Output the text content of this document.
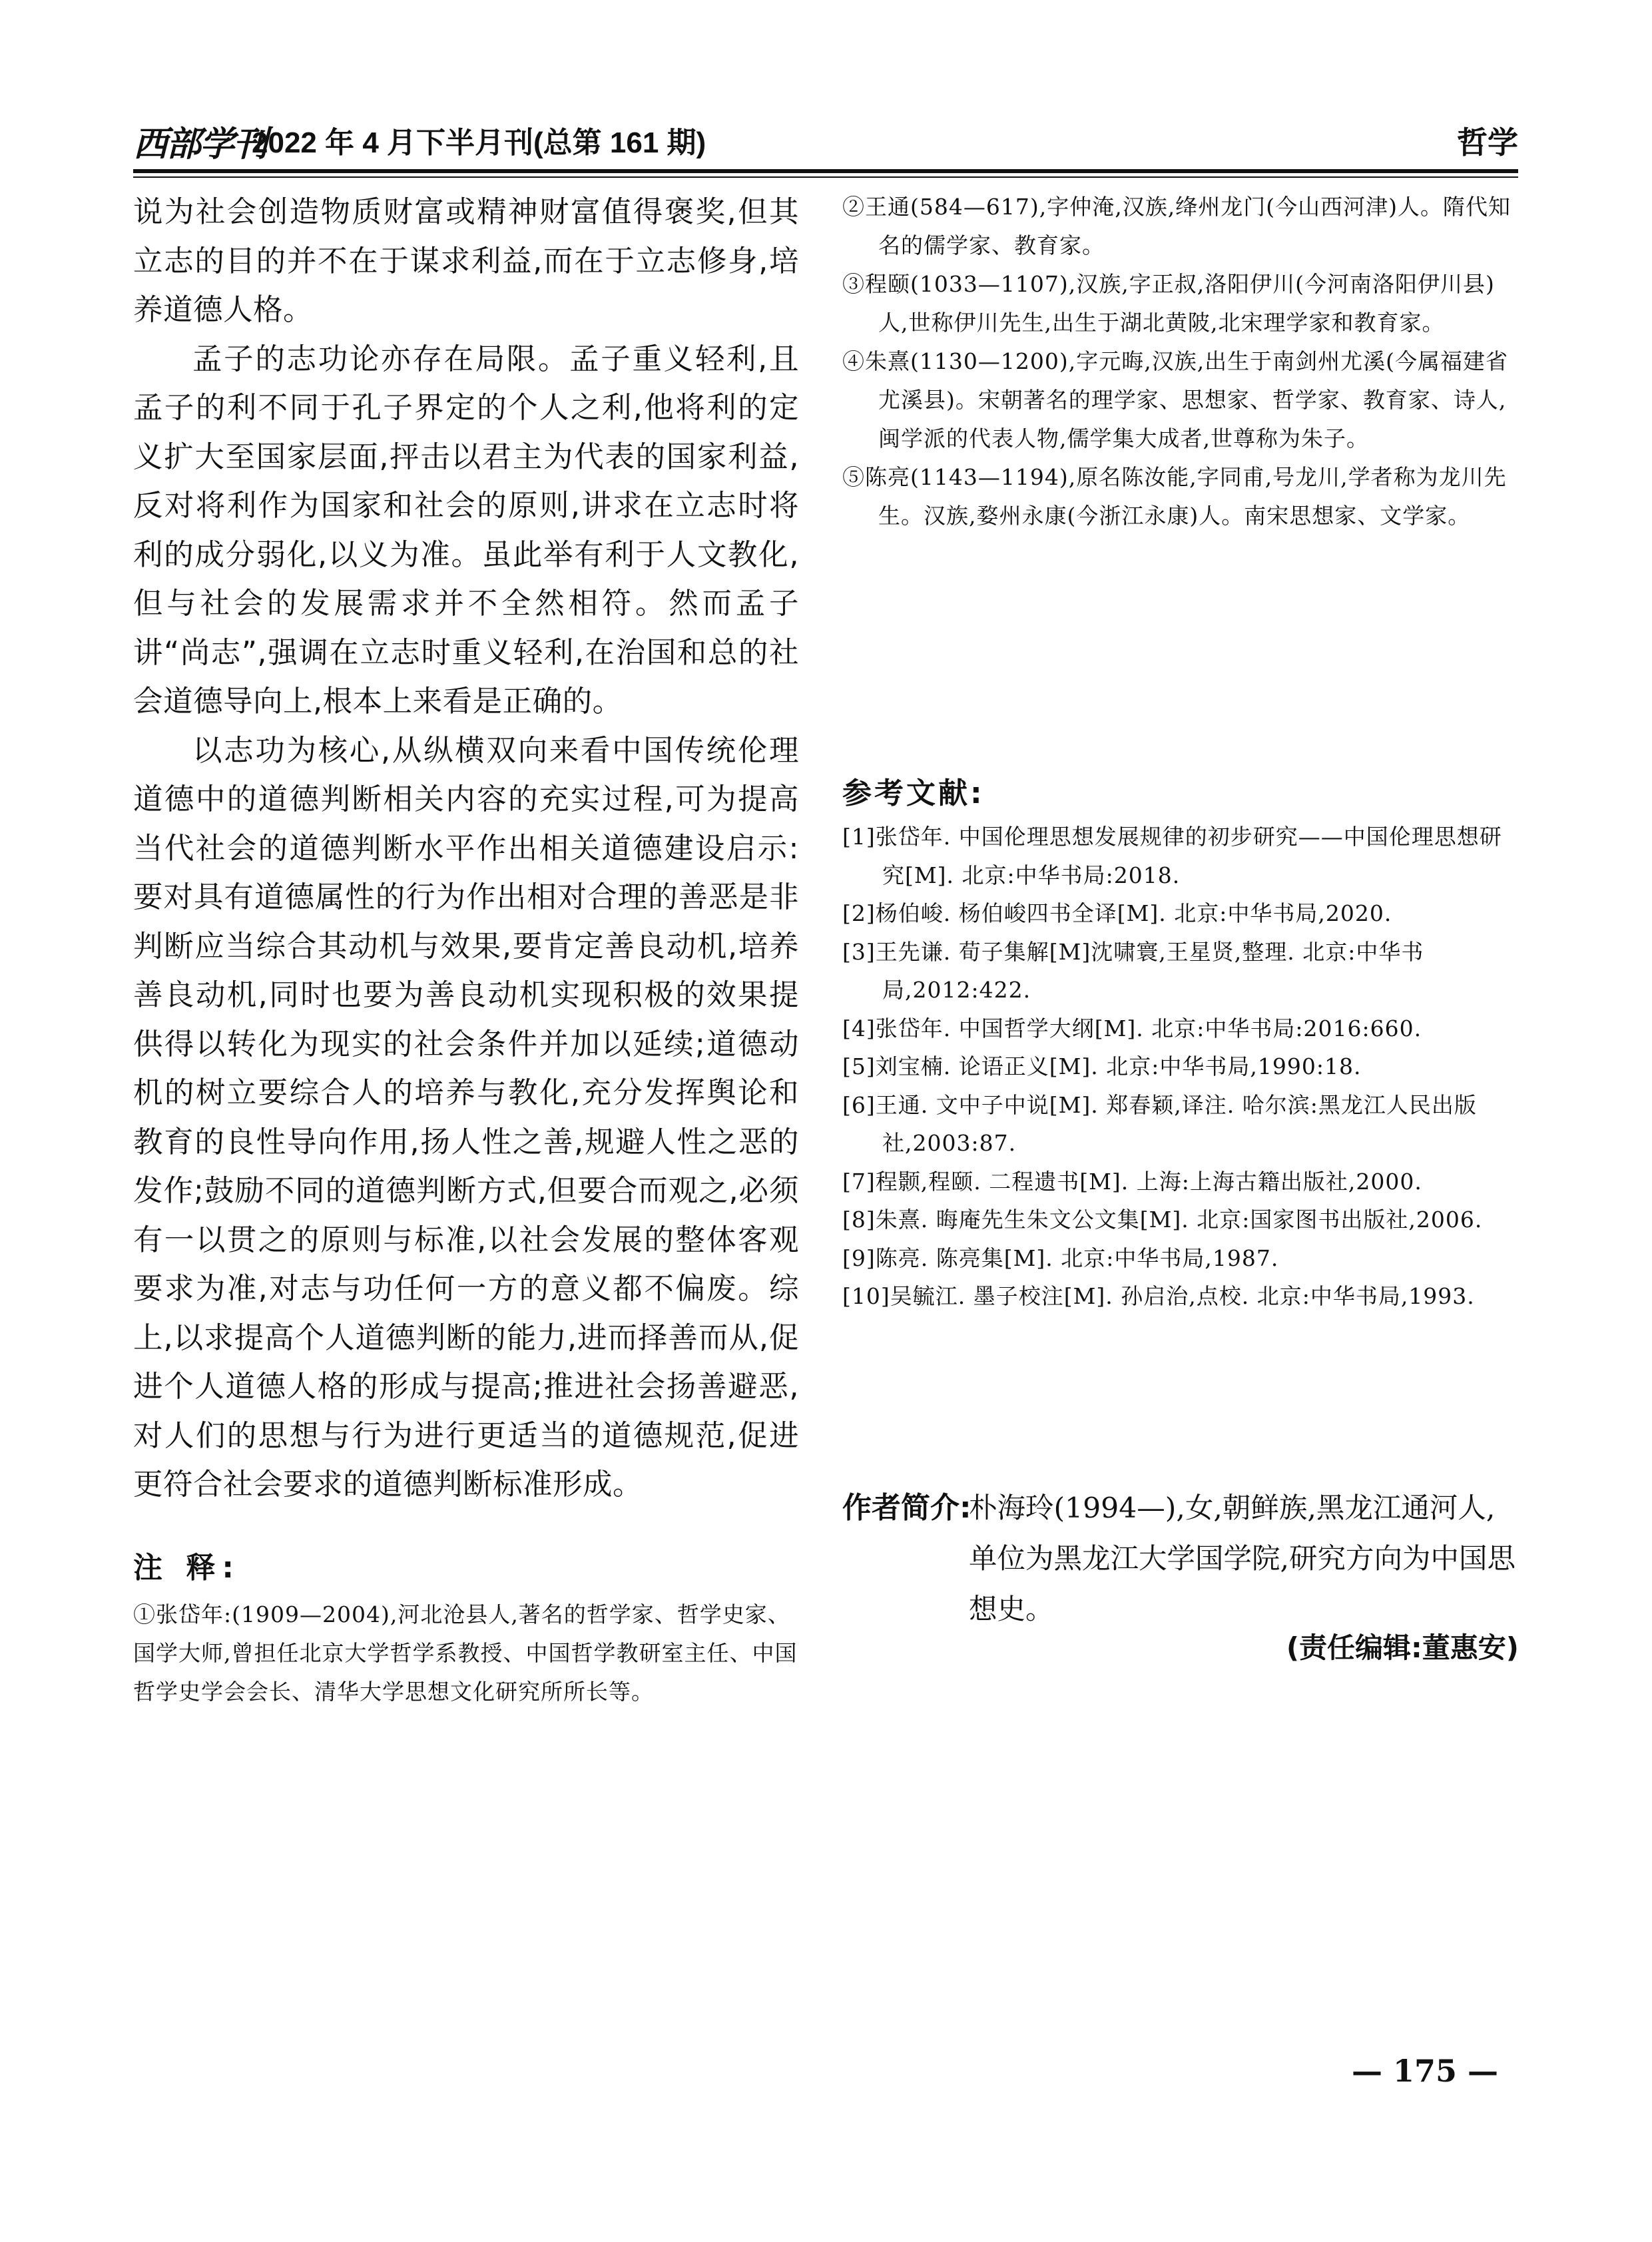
西部学刊
2022 年 4 月下半月刊(总第 161 期)	哲学

说为社会创造物质财富或精神财富值得褒奖,但其立志的目的并不在于谋求利益,而在于立志修身,培养道德人格。

孟子的志功论亦存在局限。孟子重义轻利,且孟子的利不同于孔子界定的个人之利,他将利的定义扩大至国家层面,抨击以君主为代表的国家利益,反对将利作为国家和社会的原则,讲求在立志时将利的成分弱化,以义为准。虽此举有利于人文教化,但与社会的发展需求并不全然相符。然而孟子讲“尚志”,强调在立志时重义轻利,在治国和总的社会道德导向上,根本上来看是正确的。

以志功为核心,从纵横双向来看中国传统伦理道德中的道德判断相关内容的充实过程,可为提高当代社会的道德判断水平作出相关道德建设启示:要对具有道德属性的行为作出相对合理的善恶是非判断应当综合其动机与效果,要肯定善良动机,培养善良动机,同时也要为善良动机实现积极的效果提供得以转化为现实的社会条件并加以延续;道德动机的树立要综合人的培养与教化,充分发挥舆论和教育的良性导向作用,扬人性之善,规避人性之恶的发作;鼓励不同的道德判断方式,但要合而观之,必须有一以贯之的原则与标准,以社会发展的整体客观要求为准,对志与功任何一方的意义都不偏废。综上,以求提高个人道德判断的能力,进而择善而从,促进个人道德人格的形成与提高;推进社会扬善避恶,对人们的思想与行为进行更适当的道德规范,促进更符合社会要求的道德判断标准形成。

注 释:

①张岱年:(1909—2004),河北沧县人,著名的哲学家、哲学史家、国学大师,曾担任北京大学哲学系教授、中国哲学教研室主任、中国哲学史学会会长、清华大学思想文化研究所所长等。

②王通(584—617),字仲淹,汉族,绛州龙门(今山西河津)人。隋代知名的儒学家、教育家。

③程颐(1033—1107),汉族,字正叔,洛阳伊川(今河南洛阳伊川县)人,世称伊川先生,出生于湖北黄陂,北宋理学家和教育家。

④朱熹(1130—1200),字元晦,汉族,出生于南剑州尤溪(今属福建省尤溪县)。宋朝著名的理学家、思想家、哲学家、教育家、诗人,闽学派的代表人物,儒学集大成者,世尊称为朱子。

⑤陈亮(1143—1194),原名陈汝能,字同甫,号龙川,学者称为龙川先生。汉族,婺州永康(今浙江永康)人。南宋思想家、文学家。

参考文献:

[1]张岱年. 中国伦理思想发展规律的初步研究——中国伦理思想研究[M]. 北京:中华书局:2018.

[2]杨伯峻. 杨伯峻四书全译[M]. 北京:中华书局,2020.

[3]王先谦. 荀子集解[M]沈啸寰,王星贤,整理. 北京:中华书局,2012:422.

[4]张岱年. 中国哲学大纲[M]. 北京:中华书局:2016:660.

[5]刘宝楠. 论语正义[M]. 北京:中华书局,1990:18.

[6]王通. 文中子中说[M]. 郑春颖,译注. 哈尔滨:黑龙江人民出版社,2003:87.

[7]程颢,程颐. 二程遗书[M]. 上海:上海古籍出版社,2000.

[8]朱熹. 晦庵先生朱文公文集[M]. 北京:国家图书出版社,2006.

[9]陈亮. 陈亮集[M]. 北京:中华书局,1987.

[10]吴毓江. 墨子校注[M]. 孙启治,点校. 北京:中华书局,1993.

作者简介:
朴海玲(1994—),女,朝鲜族,黑龙江通河人,单位为黑龙江大学国学院,研究方向为中国思想史。
(责任编辑:董惠安)
— 175 —
